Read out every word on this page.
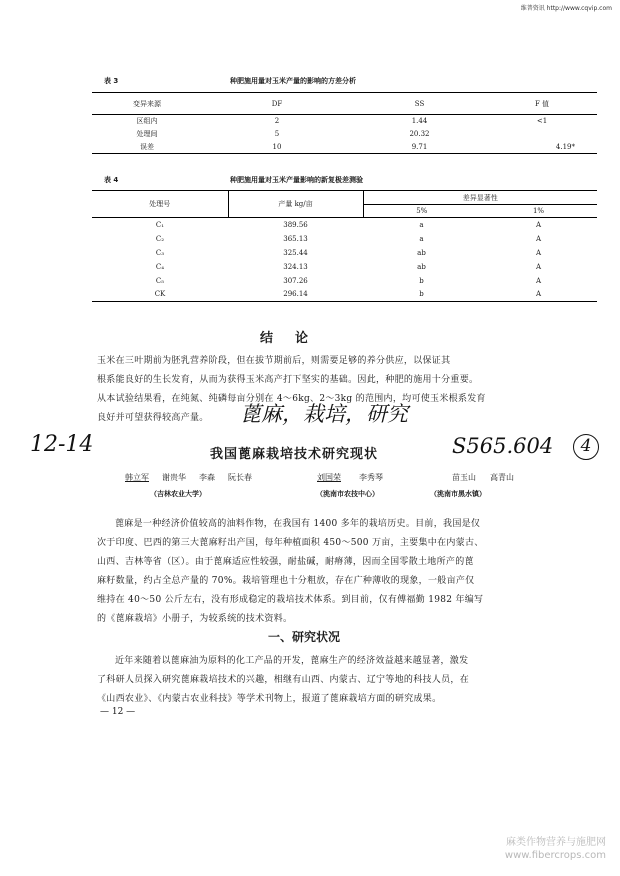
维普资讯 http://www.cqvip.com
表 3	种肥施用量对玉米产量的影响的方差分析
变异来源	DF	SS	F 值
区组内	2	1.44	<1
处理间	5	20.32	
误差	10	9.71	4.19*
表 4	种肥施用量对玉米产量影响的新复极差测验
处理号	产量 kg/亩	差异显著性	
		5%	1%
C₁	389.56	a	A
C₂	365.13	a	A
C₃	325.44	ab	A
C₄	324.13	ab	A
C₅	307.26	b	A
CK	296.14	b	A
结论
玉米在三叶期前为胚乳营养阶段，但在拔节期前后，则需要足够的养分供应，以保证其
根系能良好的生长发育，从而为获得玉米高产打下坚实的基础。因此，种肥的施用十分重要。
从本试验结果看，在纯氮、纯磷每亩分别在 4～6kg、2～3kg 的范围内，均可使玉米根系发育
良好并可望获得较高产量。	蓖麻，栽培，研究
12-14	S565.604	4
我国蓖麻栽培技术研究现状
韩立军 谢贵华 李森 阮长春
（吉林农业大学）
刘国荣 李秀琴
（洮南市农技中心）
苗玉山 高青山
（洮南市黑水镇）
蓖麻是一种经济价值较高的油料作物，在我国有 1400 多年的栽培历史。目前，我国是仅
次于印度、巴西的第三大蓖麻籽出产国，每年种植面积 450～500 万亩，主要集中在内蒙古、
山西、吉林等省（区）。由于蓖麻适应性较强，耐盐碱，耐瘠薄，因而全国零散土地所产的蓖
麻籽数量，约占全总产量的 70%。栽培管理也十分粗放，存在广种薄收的现象，一般亩产仅
维持在 40～50 公斤左右，没有形成稳定的栽培技术体系。到目前，仅有傅福勤 1982 年编写
的《蓖麻栽培》小册子，为较系统的技术资料。
一、研究状况
近年来随着以蓖麻油为原料的化工产品的开发，蓖麻生产的经济效益越来越显著，激发
了科研人员探入研究蓖麻栽培技术的兴趣，相继有山西、内蒙古、辽宁等地的科技人员，在
《山西农业》、《内蒙古农业科技》等学术刊物上，报道了蓖麻栽培方面的研究成果。
— 12 —
麻类作物营养与施肥网
www.fibercrops.com
